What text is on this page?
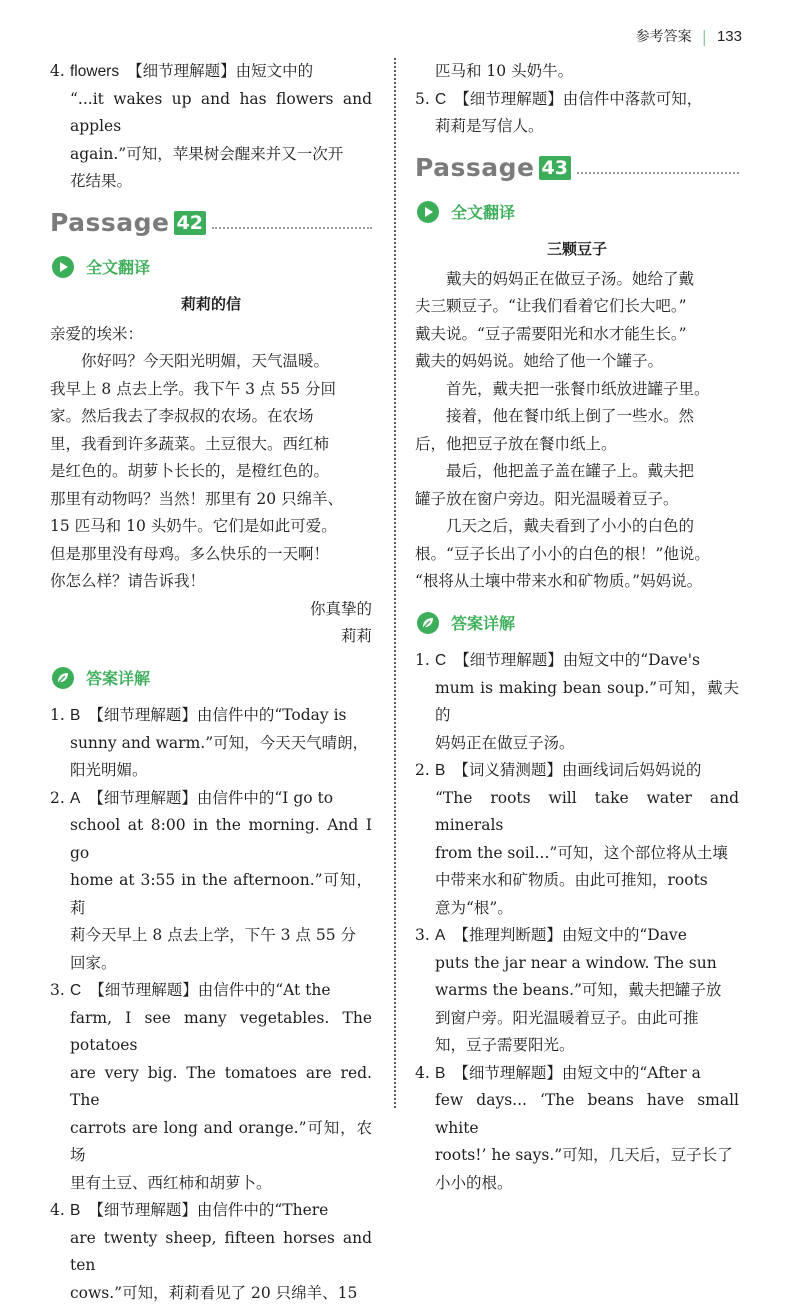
参考答案 | 133
4. flowers 【细节理解题】由短文中的
“...it wakes up and has flowers and apples
again.”可知，苹果树会醒来并又一次开
花结果。
Passage 42
全文翻译
莉莉的信

亲爱的埃米：

你好吗？今天阳光明媚，天气温暖。

我早上 8 点去上学。我下午 3 点 55 分回

家。然后我去了李叔叔的农场。在农场

里，我看到许多蔬菜。土豆很大。西红柿

是红色的。胡萝卜长长的，是橙红色的。

那里有动物吗？当然！那里有 20 只绵羊、

15 匹马和 10 头奶牛。它们是如此可爱。

但是那里没有母鸡。多么快乐的一天啊！

你怎么样？请告诉我！

你真挚的

莉莉

答案详解
1. B 【细节理解题】由信件中的“Today is
sunny and warm.”可知，今天天气晴朗，
阳光明媚。
2. A 【细节理解题】由信件中的“I go to
school at 8:00 in the morning. And I go
home at 3:55 in the afternoon.”可知，莉
莉今天早上 8 点去上学，下午 3 点 55 分
回家。
3. C 【细节理解题】由信件中的“At the
farm, I see many vegetables. The potatoes
are very big. The tomatoes are red. The
carrots are long and orange.”可知，农场
里有土豆、西红柿和胡萝卜。
4. B 【细节理解题】由信件中的“There
are twenty sheep, fifteen horses and ten
cows.”可知，莉莉看见了 20 只绵羊、15

匹马和 10 头奶牛。

5. C 【细节理解题】由信件中落款可知，
莉莉是写信人。
Passage 43
全文翻译
三颗豆子

戴夫的妈妈正在做豆子汤。她给了戴

夫三颗豆子。“让我们看着它们长大吧。”

戴夫说。“豆子需要阳光和水才能生长。”

戴夫的妈妈说。她给了他一个罐子。

首先，戴夫把一张餐巾纸放进罐子里。

接着，他在餐巾纸上倒了一些水。然

后，他把豆子放在餐巾纸上。

最后，他把盖子盖在罐子上。戴夫把

罐子放在窗户旁边。阳光温暖着豆子。

几天之后，戴夫看到了小小的白色的

根。“豆子长出了小小的白色的根！”他说。

“根将从土壤中带来水和矿物质。”妈妈说。

答案详解
1. C 【细节理解题】由短文中的“Dave's
mum is making bean soup.”可知，戴夫的
妈妈正在做豆子汤。
2. B 【词义猜测题】由画线词后妈妈说的
“The roots will take water and minerals
from the soil...”可知，这个部位将从土壤
中带来水和矿物质。由此可推知，roots
意为“根”。
3. A 【推理判断题】由短文中的“Dave
puts the jar near a window. The sun
warms the beans.”可知，戴夫把罐子放
到窗户旁。阳光温暖着豆子。由此可推
知，豆子需要阳光。
4. B 【细节理解题】由短文中的“After a
few days... ‘The beans have small white
roots!’ he says.”可知，几天后，豆子长了
小小的根。
